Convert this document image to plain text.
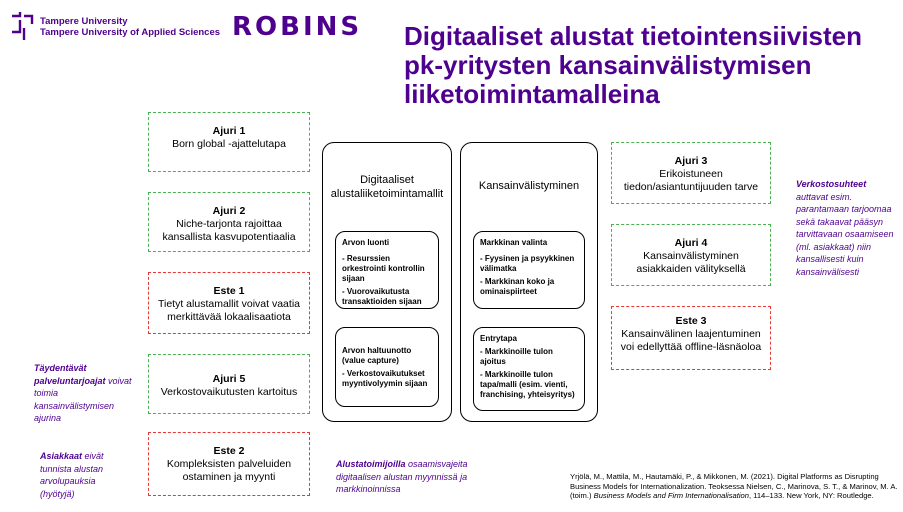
Tampere University
Tampere University of Applied Sciences ROBINS Digitaaliset alustat tietointensiivisten
pk-yritysten kansainvälistymisen
liiketoimintamalleina
Ajuri 1
Born global -ajattelutapa
Ajuri 2
Niche-tarjonta rajoittaa kansallista kasvupotentiaalia
Este 1
Tietyt alustamallit voivat vaatia merkittävää lokaalisaatiota
Ajuri 5
Verkostovaikutusten kartoitus
Este 2
Kompleksisten palveluiden ostaminen ja myynti
Digitaaliset
alustaliiketoimintamallit
Arvon luonti
- Resurssien orkestrointi kontrollin sijaan
- Vuorovaikutusta transaktioiden sijaan
Arvon haltuunotto (value capture)
- Verkostovaikutukset myyntivolyymin sijaan
Kansainvälistyminen
Markkinan valinta
- Fyysinen ja psyykkinen välimatka
- Markkinan koko ja ominaispiirteet
Entrytapa
- Markkinoille tulon ajoitus
- Markkinoille tulon tapa/malli (esim. vienti, franchising, yhteisyritys)
Ajuri 3
Erikoistuneen tiedon/asiantuntijuuden tarve
Ajuri 4
Kansainvälistyminen asiakkaiden välityksellä
Este 3
Kansainvälinen laajentuminen voi edellyttää offline-läsnäoloa
Täydentävät palveluntarjoajat voivat toimia kansainvälistymisen ajurina
Asiakkaat eivät tunnista alustan arvolupauksia (hyötyjä)
Alustatoimijoilla osaamisvajeita digitaalisen alustan myynnissä ja markkinoinnissa
Verkostosuhteet auttavat esim. parantamaan tarjoomaa sekä takaavat pääsyn tarvittavaan osaamiseen (ml. asiakkaat) niin kansallisesti kuin kansainvälisesti
Yrjölä, M., Mattila, M., Hautamäki, P., & Mikkonen, M. (2021). Digital Platforms as Disrupting Business Models for Internationalization. Teoksessa Nielsen, C., Marinova, S. T., & Marinov, M. A. (toim.) Business Models and Firm Internationalisation, 114–133. New York, NY: Routledge.
